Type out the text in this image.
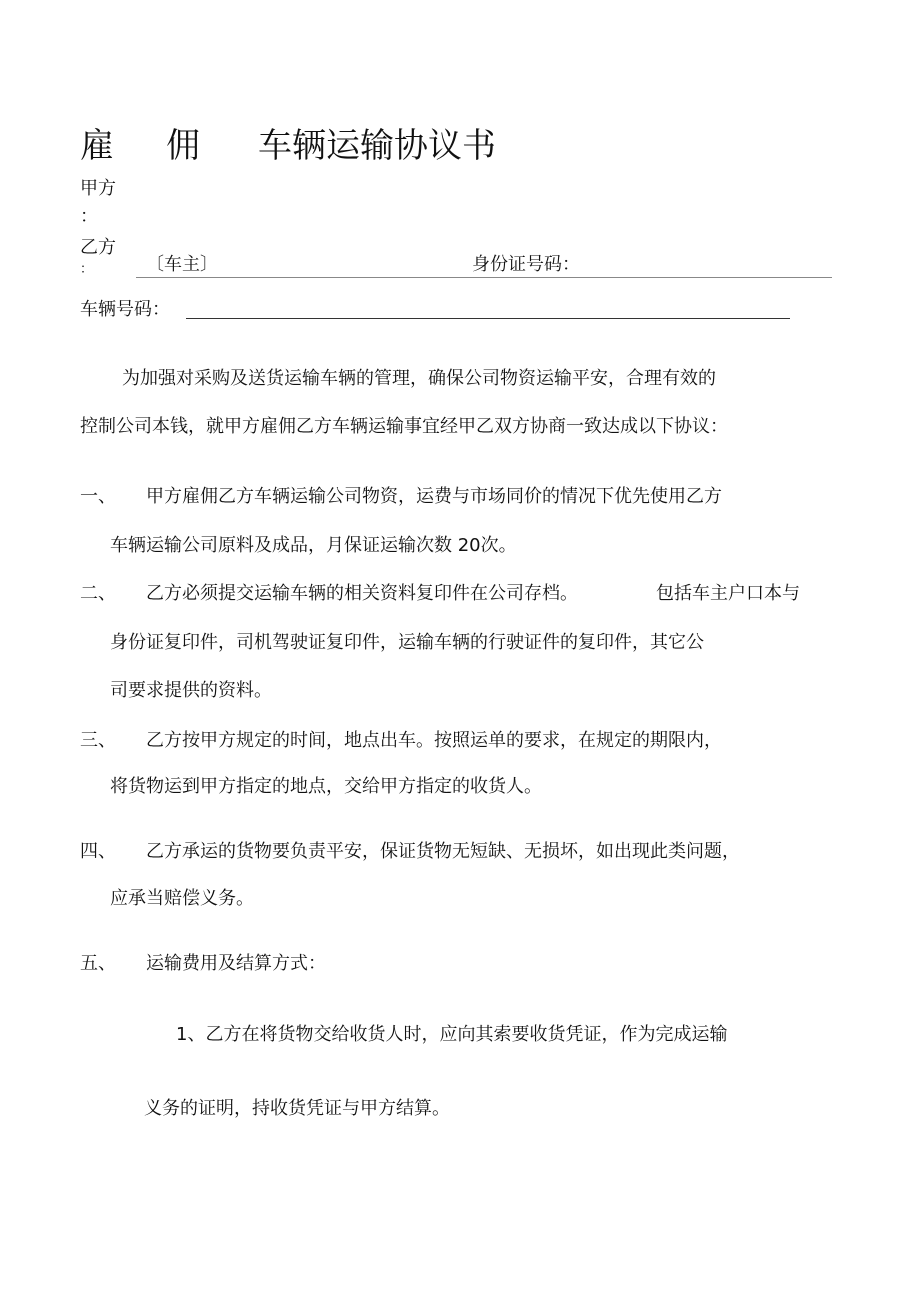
雇 佣 车辆运输协议书
甲方
：
乙方
：	〔车主〕	身份证号码：
车辆号码：
为加强对采购及送货运输车辆的管理，确保公司物资运输平安，合理有效的
控制公司本钱，就甲方雇佣乙方车辆运输事宜经甲乙双方协商一致达成以下协议：
一、 甲方雇佣乙方车辆运输公司物资，运费与市场同价的情况下优先使用乙方
车辆运输公司原料及成品，月保证运输次数 20次。
二、 乙方必须提交运输车辆的相关资料复印件在公司存档。	包括车主户口本与
身份证复印件，司机驾驶证复印件，运输车辆的行驶证件的复印件，其它公
司要求提供的资料。
三、 乙方按甲方规定的时间，地点出车。按照运单的要求，在规定的期限内，
将货物运到甲方指定的地点，交给甲方指定的收货人。
四、 乙方承运的货物要负责平安，保证货物无短缺、无损坏，如出现此类问题，
应承当赔偿义务。
五、 运输费用及结算方式：
1、乙方在将货物交给收货人时，应向其索要收货凭证，作为完成运输
义务的证明，持收货凭证与甲方结算。
